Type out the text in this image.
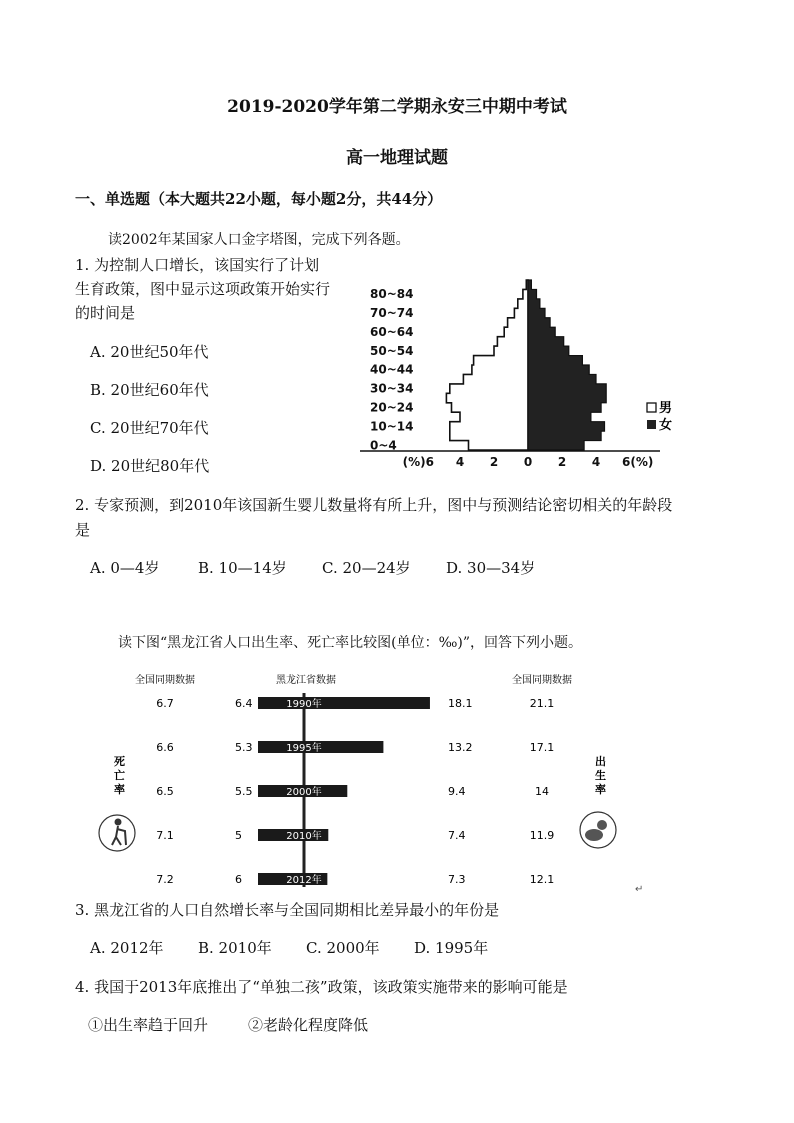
2019-2020学年第二学期永安三中期中考试
高一地理试题
一、单选题（本大题共22小题，每小题2分，共44分）
读2002年某国家人口金字塔图，完成下列各题。
1. 为控制人口增长，该国实行了计划
生育政策，图中显示这项政策开始实行
的时间是
A. 20世纪50年代
B. 20世纪60年代
C. 20世纪70年代
D. 20世纪80年代
80~84
70~74
60~64
50~54
40~44
30~34
20~24
10~14
0~4
(%)6 4 2 0 2 4 6(%)
男
女
2. 专家预测，到2010年该国新生婴儿数量将有所上升，图中与预测结论密切相关的年龄段
是
A. 0—4岁	B. 10—14岁 C. 20—24岁 D. 30—34岁
读下图“黑龙江省人口出生率、死亡率比较图(单位：‰)”，回答下列小题。
全国同期数据	黑龙江省数据	全国同期数据
6.7	6.4	1990年	18.1	21.1
6.6	5.3	1995年	13.2	17.1
6.5	5.5	2000年	9.4	14
7.1	5	2010年	7.4	11.9
7.2	6	2012年	7.3	12.1
死亡率
出生率
↵
3. 黑龙江省的人口自然增长率与全国同期相比差异最小的年份是
A. 2012年 B. 2010年 C. 2000年 D. 1995年
4. 我国于2013年底推出了“单独二孩”政策，该政策实施带来的影响可能是
①出生率趋于回升	②老龄化程度降低
